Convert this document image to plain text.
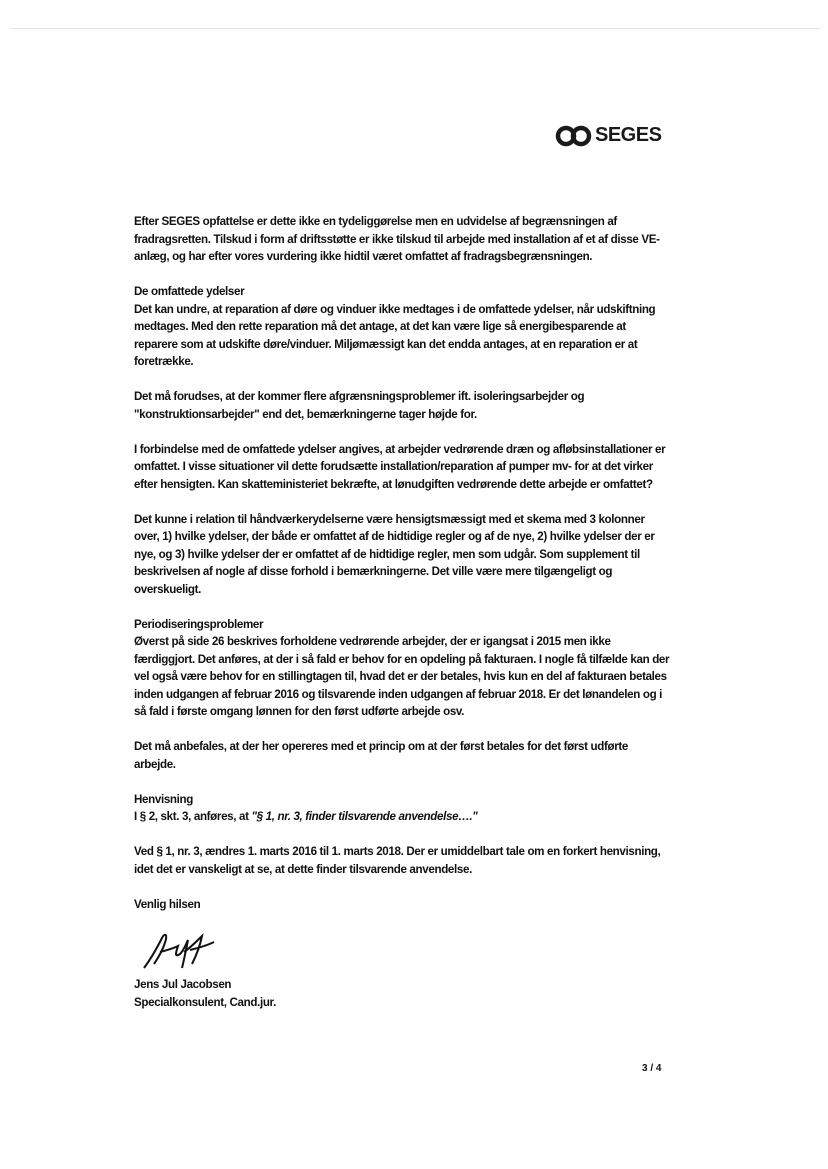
SEGES

Efter SEGES opfattelse er dette ikke en tydeliggørelse men en udvidelse af begrænsningen af fradragsretten. Tilskud i form af driftsstøtte er ikke tilskud til arbejde med installation af et af disse VE-anlæg, og har efter vores vurdering ikke hidtil været omfattet af fradragsbegrænsningen.

De omfattede ydelser
Det kan undre, at reparation af døre og vinduer ikke medtages i de omfattede ydelser, når udskiftning medtages. Med den rette reparation må det antage, at det kan være lige så energibesparende at reparere som at udskifte døre/vinduer. Miljømæssigt kan det endda antages, at en reparation er at foretrække.

Det må forudses, at der kommer flere afgrænsningsproblemer ift. isoleringsarbejder og "konstruktionsarbejder" end det, bemærkningerne tager højde for.

I forbindelse med de omfattede ydelser angives, at arbejder vedrørende dræn og afløbsinstallationer er omfattet. I visse situationer vil dette forudsætte installation/reparation af pumper mv- for at det virker efter hensigten. Kan skatteministeriet bekræfte, at lønudgiften vedrørende dette arbejde er omfattet?

Det kunne i relation til håndværkerydelserne være hensigtsmæssigt med et skema med 3 kolonner over, 1) hvilke ydelser, der både er omfattet af de hidtidige regler og af de nye, 2) hvilke ydelser der er nye, og 3) hvilke ydelser der er omfattet af de hidtidige regler, men som udgår. Som supplement til beskrivelsen af nogle af disse forhold i bemærkningerne. Det ville være mere tilgængeligt og overskueligt.

Periodiseringsproblemer
Øverst på side 26 beskrives forholdene vedrørende arbejder, der er igangsat i 2015 men ikke færdiggjort. Det anføres, at der i så fald er behov for en opdeling på fakturaen. I nogle få tilfælde kan der vel også være behov for en stillingtagen til, hvad det er der betales, hvis kun en del af fakturaen betales inden udgangen af februar 2016 og tilsvarende inden udgangen af februar 2018. Er det lønandelen og i så fald i første omgang lønnen for den først udførte arbejde osv.

Det må anbefales, at der her opereres med et princip om at der først betales for det først udførte arbejde.

Henvisning
I § 2, skt. 3, anføres, at "§ 1, nr. 3, finder tilsvarende anvendelse…."

Ved § 1, nr. 3, ændres 1. marts 2016 til 1. marts 2018. Der er umiddelbart tale om en forkert henvisning, idet det er vanskeligt at se, at dette finder tilsvarende anvendelse.

Venlig hilsen

Jens Jul Jacobsen
Specialkonsulent, Cand.jur.
3 / 4
